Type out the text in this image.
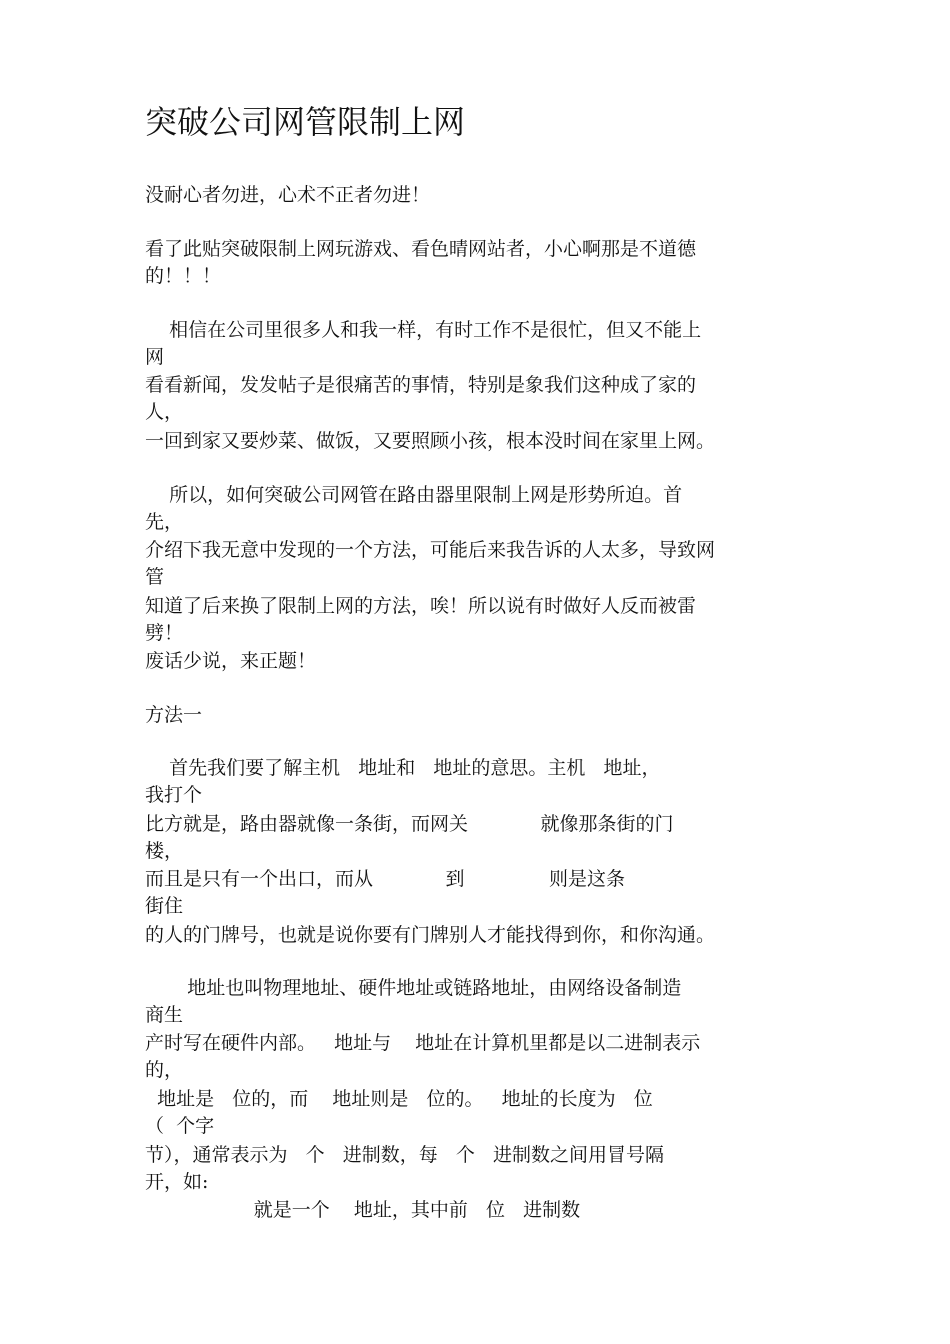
突破公司网管限制上网

没耐心者勿进，心术不正者勿进！

看了此贴突破限制上网玩游戏、看色晴网站者，小心啊那是不道德

的！！！

相信在公司里很多人和我一样，有时工作不是很忙，但又不能上

网

看看新闻，发发帖子是很痛苦的事情，特别是象我们这种成了家的

人，

一回到家又要炒菜、做饭，又要照顾小孩，根本没时间在家里上网。

所以，如何突破公司网管在路由器里限制上网是形势所迫。首

先，

介绍下我无意中发现的一个方法，可能后来我告诉的人太多，导致网

管

知道了后来换了限制上网的方法，唉！所以说有时做好人反而被雷

劈！

废话少说，来正题！

方法一

首先我们要了解主机   地址和   地址的意思。主机   地址，

我打个

比方就是，路由器就像一条街，而网关            就像那条街的门

楼，

而且是只有一个出口，而从            到              则是这条

街住

的人的门牌号，也就是说你要有门牌别人才能找得到你，和你沟通。

地址也叫物理地址、硬件地址或链路地址，由网络设备制造

商生

产时写在硬件内部。   地址与    地址在计算机里都是以二进制表示

的，

地址是   位的，而    地址则是   位的。   地址的长度为   位

（  个字

节），通常表示为   个   进制数，每   个   进制数之间用冒号隔

开，如:

就是一个    地址，其中前   位   进制数
